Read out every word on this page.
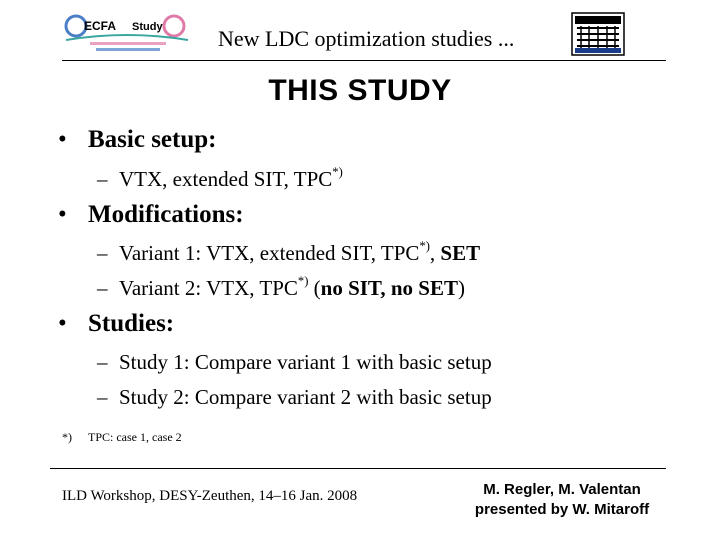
ECFA Study	New LDC optimization studies ...
THIS STUDY
• Basic setup:
– VTX, extended SIT, TPC*)
• Modifications:
– Variant 1: VTX, extended SIT, TPC*), SET
– Variant 2: VTX, TPC*) (no SIT, no SET)
• Studies:
– Study 1: Compare variant 1 with basic setup
– Study 2: Compare variant 2 with basic setup
*) TPC: case 1, case 2
ILD Workshop, DESY-Zeuthen, 14–16 Jan. 2008	M. Regler, M. Valentan
presented by W. Mitaroff
